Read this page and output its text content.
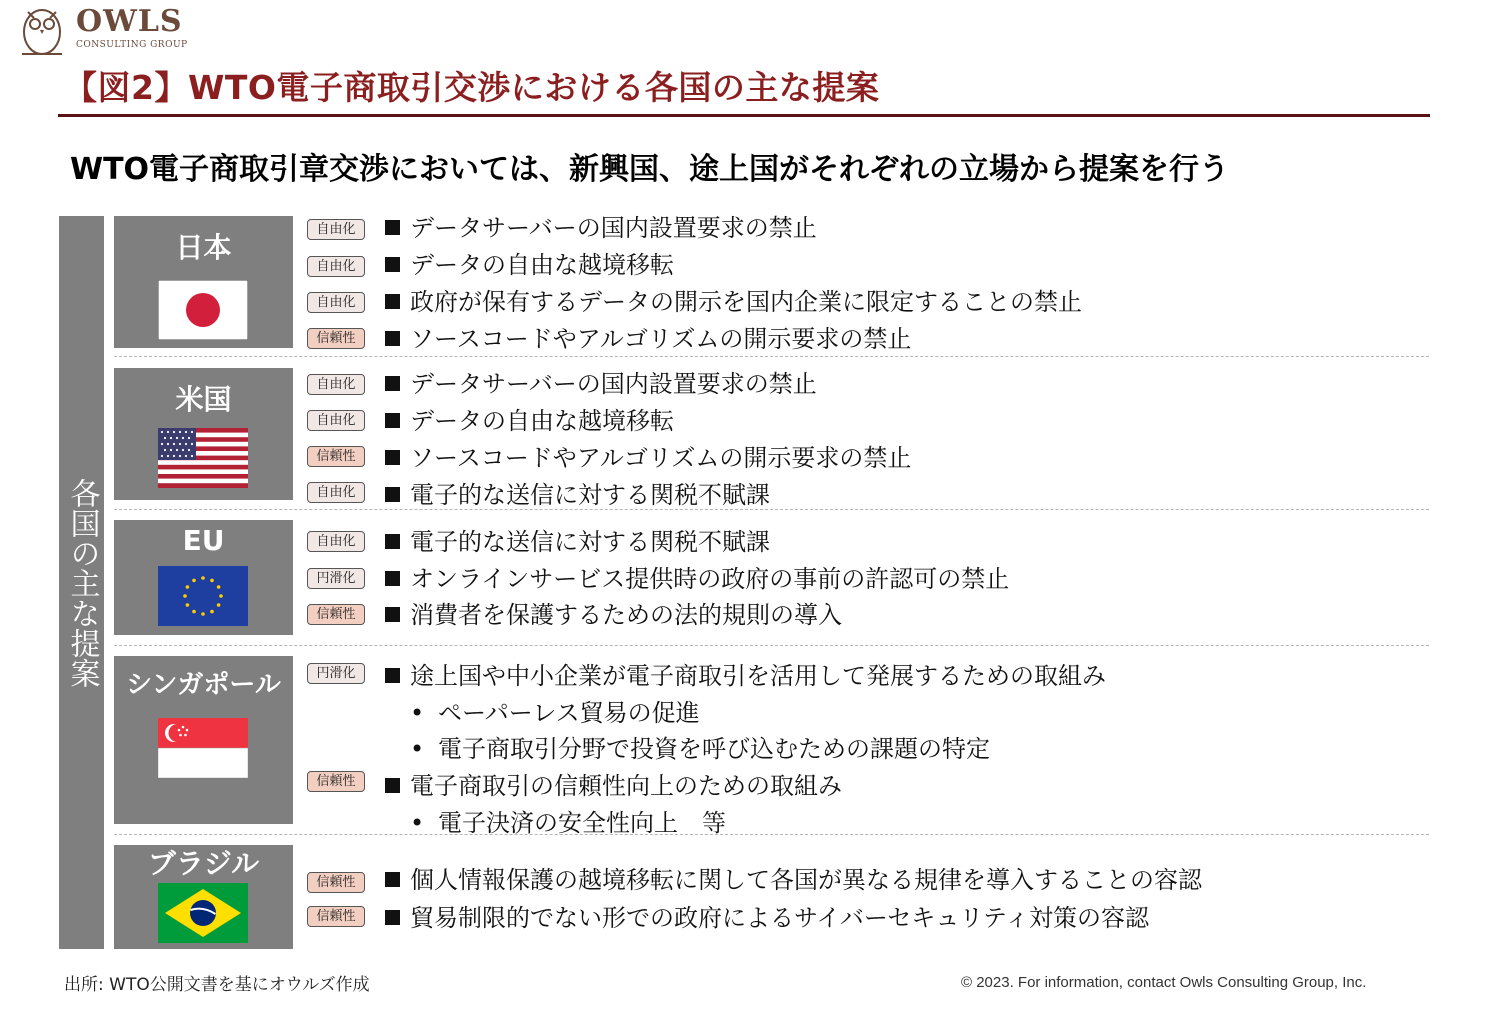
OWLS
CONSULTING GROUP
【図2】WTO電子商取引交渉における各国の主な提案
WTO電子商取引章交渉においては、新興国、途上国がそれぞれの立場から提案を行う
各国の主な提案
日本
自由化	データサーバーの国内設置要求の禁止
自由化	データの自由な越境移転
自由化	政府が保有するデータの開示を国内企業に限定することの禁止
信頼性	ソースコードやアルゴリズムの開示要求の禁止
米国	自由化	データサーバーの国内設置要求の禁止
自由化	データの自由な越境移転
信頼性	ソースコードやアルゴリズムの開示要求の禁止
自由化	電子的な送信に対する関税不賦課
EU	自由化	電子的な送信に対する関税不賦課
円滑化	オンラインサービス提供時の政府の事前の許認可の禁止
信頼性	消費者を保護するための法的規則の導入
シンガポール	円滑化	途上国や中小企業が電子商取引を活用して発展するための取組み
• ペーパーレス貿易の促進
• 電子商取引分野で投資を呼び込むための課題の特定
信頼性	電子商取引の信頼性向上のための取組み
• 電子決済の安全性向上　等
ブラジル
信頼性	個人情報保護の越境移転に関して各国が異なる規律を導入することの容認
信頼性	貿易制限的でない形での政府によるサイバーセキュリティ対策の容認
出所: WTO公開文書を基にオウルズ作成	© 2023. For information, contact Owls Consulting Group, Inc.
